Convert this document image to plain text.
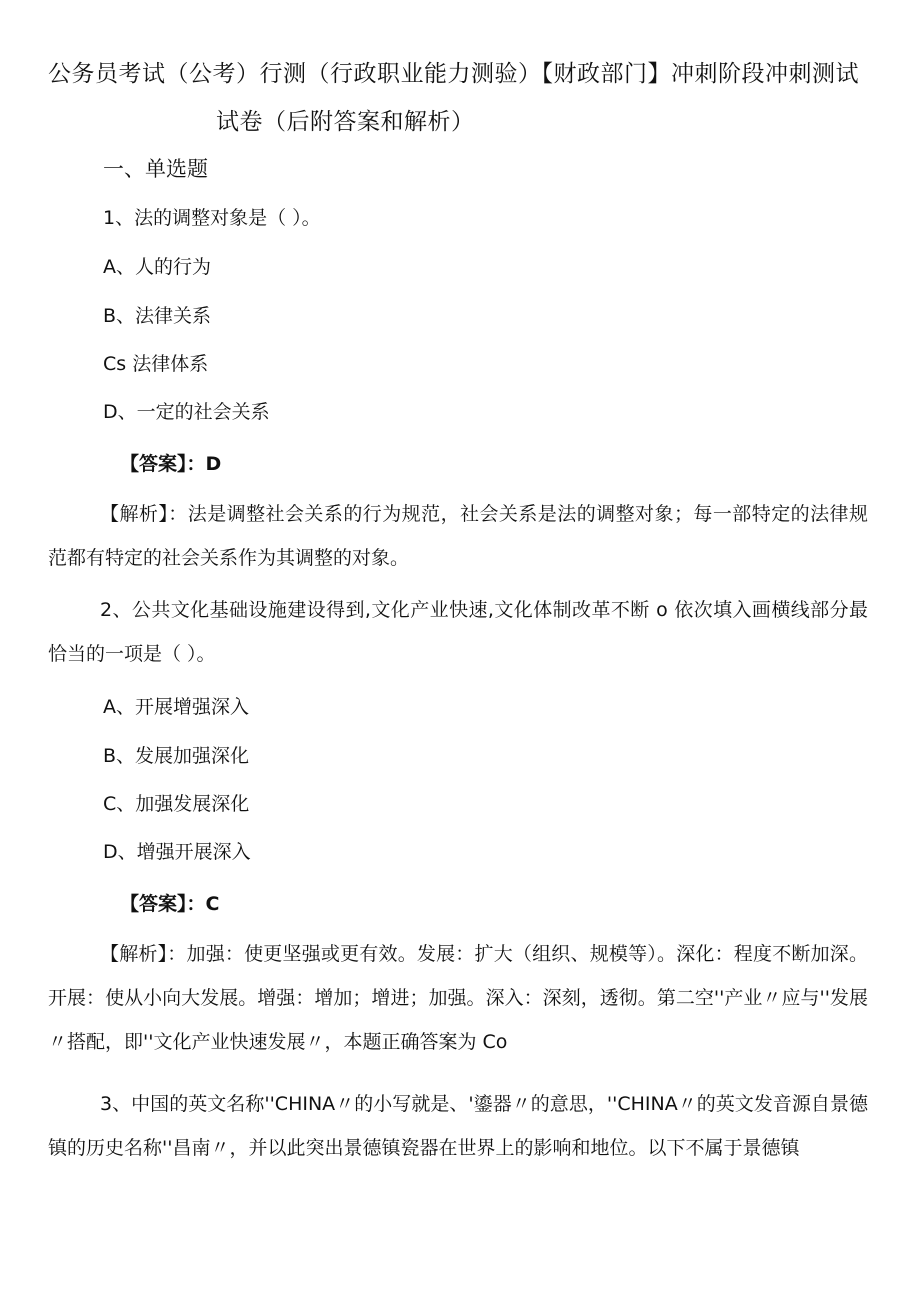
公务员考试（公考）行测（行政职业能力测验）【财政部门】冲刺阶段冲刺测试
试卷（后附答案和解析）
一、单选题
1、法的调整对象是（ ）。
A、人的行为
B、法律关系
Cs 法律体系
D、一定的社会关系
【答案】：D

【解析】：法是调整社会关系的行为规范，社会关系是法的调整对象；每一部特定的法律规范都有特定的社会关系作为其调整的对象。

2、公共文化基础设施建设得到,文化产业快速,文化体制改革不断 o 依次填入画横线部分最恰当的一项是（ ）。

A、开展增强深入
B、发展加强深化
C、加强发展深化
D、增强开展深入
【答案】：C

【解析】：加强：使更坚强或更有效。发展：扩大（组织、规模等）。深化：程度不断加深。开展：使从小向大发展。增强：增加；增进；加强。深入：深刻，透彻。第二空''产业〃应与''发展〃搭配，即''文化产业快速发展〃，本题正确答案为 Co

3、中国的英文名称''CHINA〃的小写就是、'鎏器〃的意思，''CHINA〃的英文发音源自景德镇的历史名称''昌南〃，并以此突出景德镇瓷器在世界上的影响和地位。以下不属于景德镇
